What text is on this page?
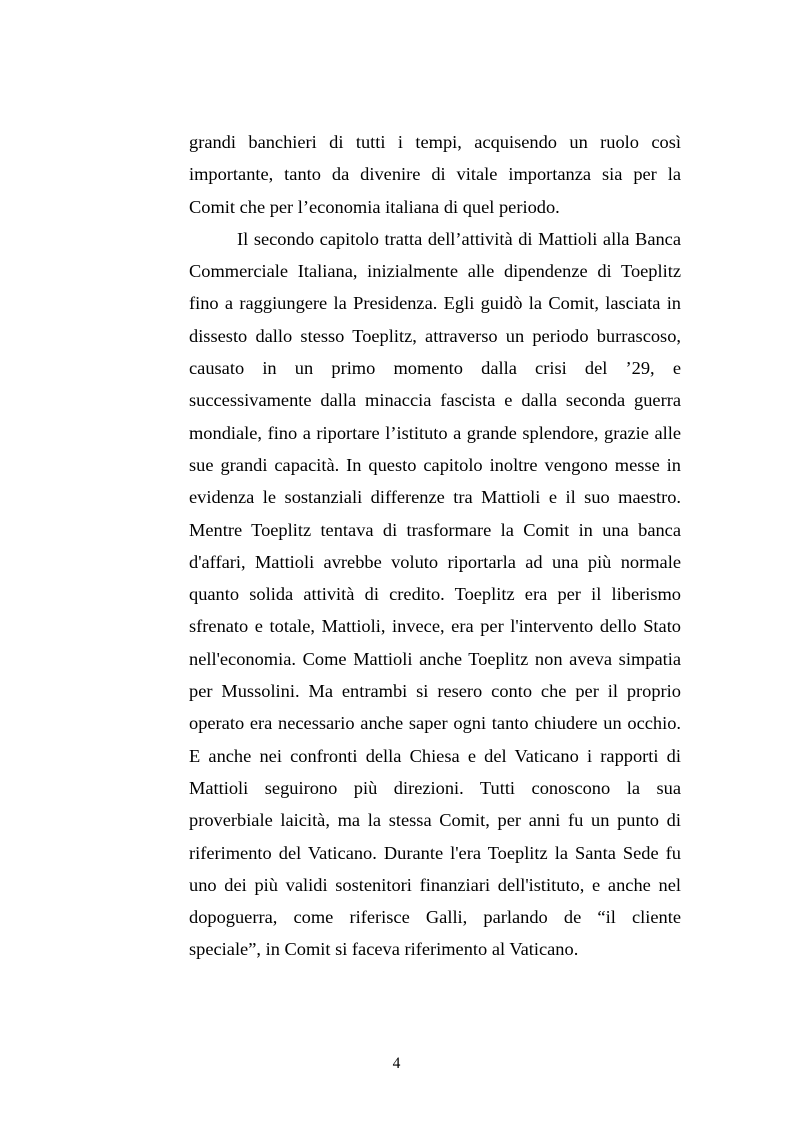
grandi banchieri di tutti i tempi, acquisendo un ruolo così
importante, tanto da divenire di vitale importanza sia per la
Comit che per l’economia italiana di quel periodo.
Il secondo capitolo tratta dell’attività di Mattioli alla Banca
Commerciale Italiana, inizialmente alle dipendenze di Toeplitz
fino a raggiungere la Presidenza. Egli guidò la Comit, lasciata in
dissesto dallo stesso Toeplitz, attraverso un periodo burrascoso,
causato in un primo momento dalla crisi del ’29, e
successivamente dalla minaccia fascista e dalla seconda guerra
mondiale, fino a riportare l’istituto a grande splendore, grazie alle
sue grandi capacità. In questo capitolo inoltre vengono messe in
evidenza le sostanziali differenze tra Mattioli e il suo maestro.
Mentre Toeplitz tentava di trasformare la Comit in una banca
d'affari, Mattioli avrebbe voluto riportarla ad una più normale
quanto solida attività di credito. Toeplitz era per il liberismo
sfrenato e totale, Mattioli, invece, era per l'intervento dello Stato
nell'economia. Come Mattioli anche Toeplitz non aveva simpatia
per Mussolini. Ma entrambi si resero conto che per il proprio
operato era necessario anche saper ogni tanto chiudere un occhio.
E anche nei confronti della Chiesa e del Vaticano i rapporti di
Mattioli seguirono più direzioni. Tutti conoscono la sua
proverbiale laicità, ma la stessa Comit, per anni fu un punto di
riferimento del Vaticano. Durante l'era Toeplitz la Santa Sede fu
uno dei più validi sostenitori finanziari dell'istituto, e anche nel
dopoguerra, come riferisce Galli, parlando de “il cliente
speciale”, in Comit si faceva riferimento al Vaticano.
4
